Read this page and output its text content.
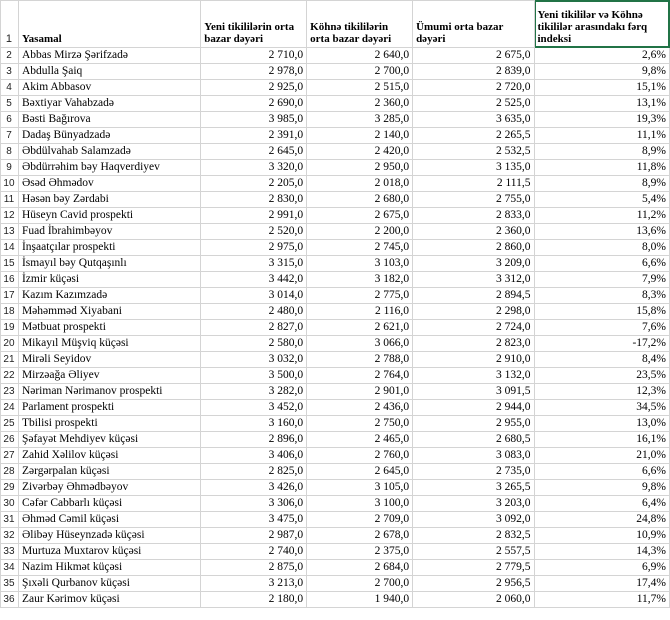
1	Yasamal	Yeni tikililərin orta bazar dəyəri	Köhnə tikililərin orta bazar dəyəri	Ümumi orta bazar dəyəri	Yeni tikililər və Köhnə tikililər arasındakı fərq indeksi
2	Abbas Mirzə Şərifzadə	2 710,0	2 640,0	2 675,0	2,6%
3	Abdulla Şaiq	2 978,0	2 700,0	2 839,0	9,8%
4	Akim Abbasov	2 925,0	2 515,0	2 720,0	15,1%
5	Bəxtiyar Vahabzadə	2 690,0	2 360,0	2 525,0	13,1%
6	Bəsti Bağırova	3 985,0	3 285,0	3 635,0	19,3%
7	Dadaş Bünyadzadə	2 391,0	2 140,0	2 265,5	11,1%
8	Əbdülvahab Salamzadə	2 645,0	2 420,0	2 532,5	8,9%
9	Əbdürrəhim bəy Haqverdiyev	3 320,0	2 950,0	3 135,0	11,8%
10	Əsəd Əhmədov	2 205,0	2 018,0	2 111,5	8,9%
11	Həsən bəy Zərdabi	2 830,0	2 680,0	2 755,0	5,4%
12	Hüseyn Cavid prospekti	2 991,0	2 675,0	2 833,0	11,2%
13	Fuad İbrahimbəyov	2 520,0	2 200,0	2 360,0	13,6%
14	İnşaatçılar prospekti	2 975,0	2 745,0	2 860,0	8,0%
15	İsmayıl bəy Qutqaşınlı	3 315,0	3 103,0	3 209,0	6,6%
16	İzmir küçəsi	3 442,0	3 182,0	3 312,0	7,9%
17	Kazım Kazımzadə	3 014,0	2 775,0	2 894,5	8,3%
18	Məhəmməd Xiyabani	2 480,0	2 116,0	2 298,0	15,8%
19	Mətbuat prospekti	2 827,0	2 621,0	2 724,0	7,6%
20	Mikayıl Müşviq küçəsi	2 580,0	3 066,0	2 823,0	-17,2%
21	Mirəli Seyidov	3 032,0	2 788,0	2 910,0	8,4%
22	Mirzəağa Əliyev	3 500,0	2 764,0	3 132,0	23,5%
23	Nəriman Nərimanov prospekti	3 282,0	2 901,0	3 091,5	12,3%
24	Parlament prospekti	3 452,0	2 436,0	2 944,0	34,5%
25	Tbilisi prospekti	3 160,0	2 750,0	2 955,0	13,0%
26	Şəfayət Mehdiyev küçəsi	2 896,0	2 465,0	2 680,5	16,1%
27	Zahid Xəlilov küçəsi	3 406,0	2 760,0	3 083,0	21,0%
28	Zərgərpalan küçəsi	2 825,0	2 645,0	2 735,0	6,6%
29	Zivərbəy Əhmədbəyov	3 426,0	3 105,0	3 265,5	9,8%
30	Cəfər Cabbarlı küçəsi	3 306,0	3 100,0	3 203,0	6,4%
31	Əhməd Cəmil küçəsi	3 475,0	2 709,0	3 092,0	24,8%
32	Əlibəy Hüseynzadə küçəsi	2 987,0	2 678,0	2 832,5	10,9%
33	Murtuza Muxtarov küçəsi	2 740,0	2 375,0	2 557,5	14,3%
34	Nazim Hikmət küçəsi	2 875,0	2 684,0	2 779,5	6,9%
35	Şıxəli Qurbanov küçəsi	3 213,0	2 700,0	2 956,5	17,4%
36	Zaur Kərimov küçəsi	2 180,0	1 940,0	2 060,0	11,7%
